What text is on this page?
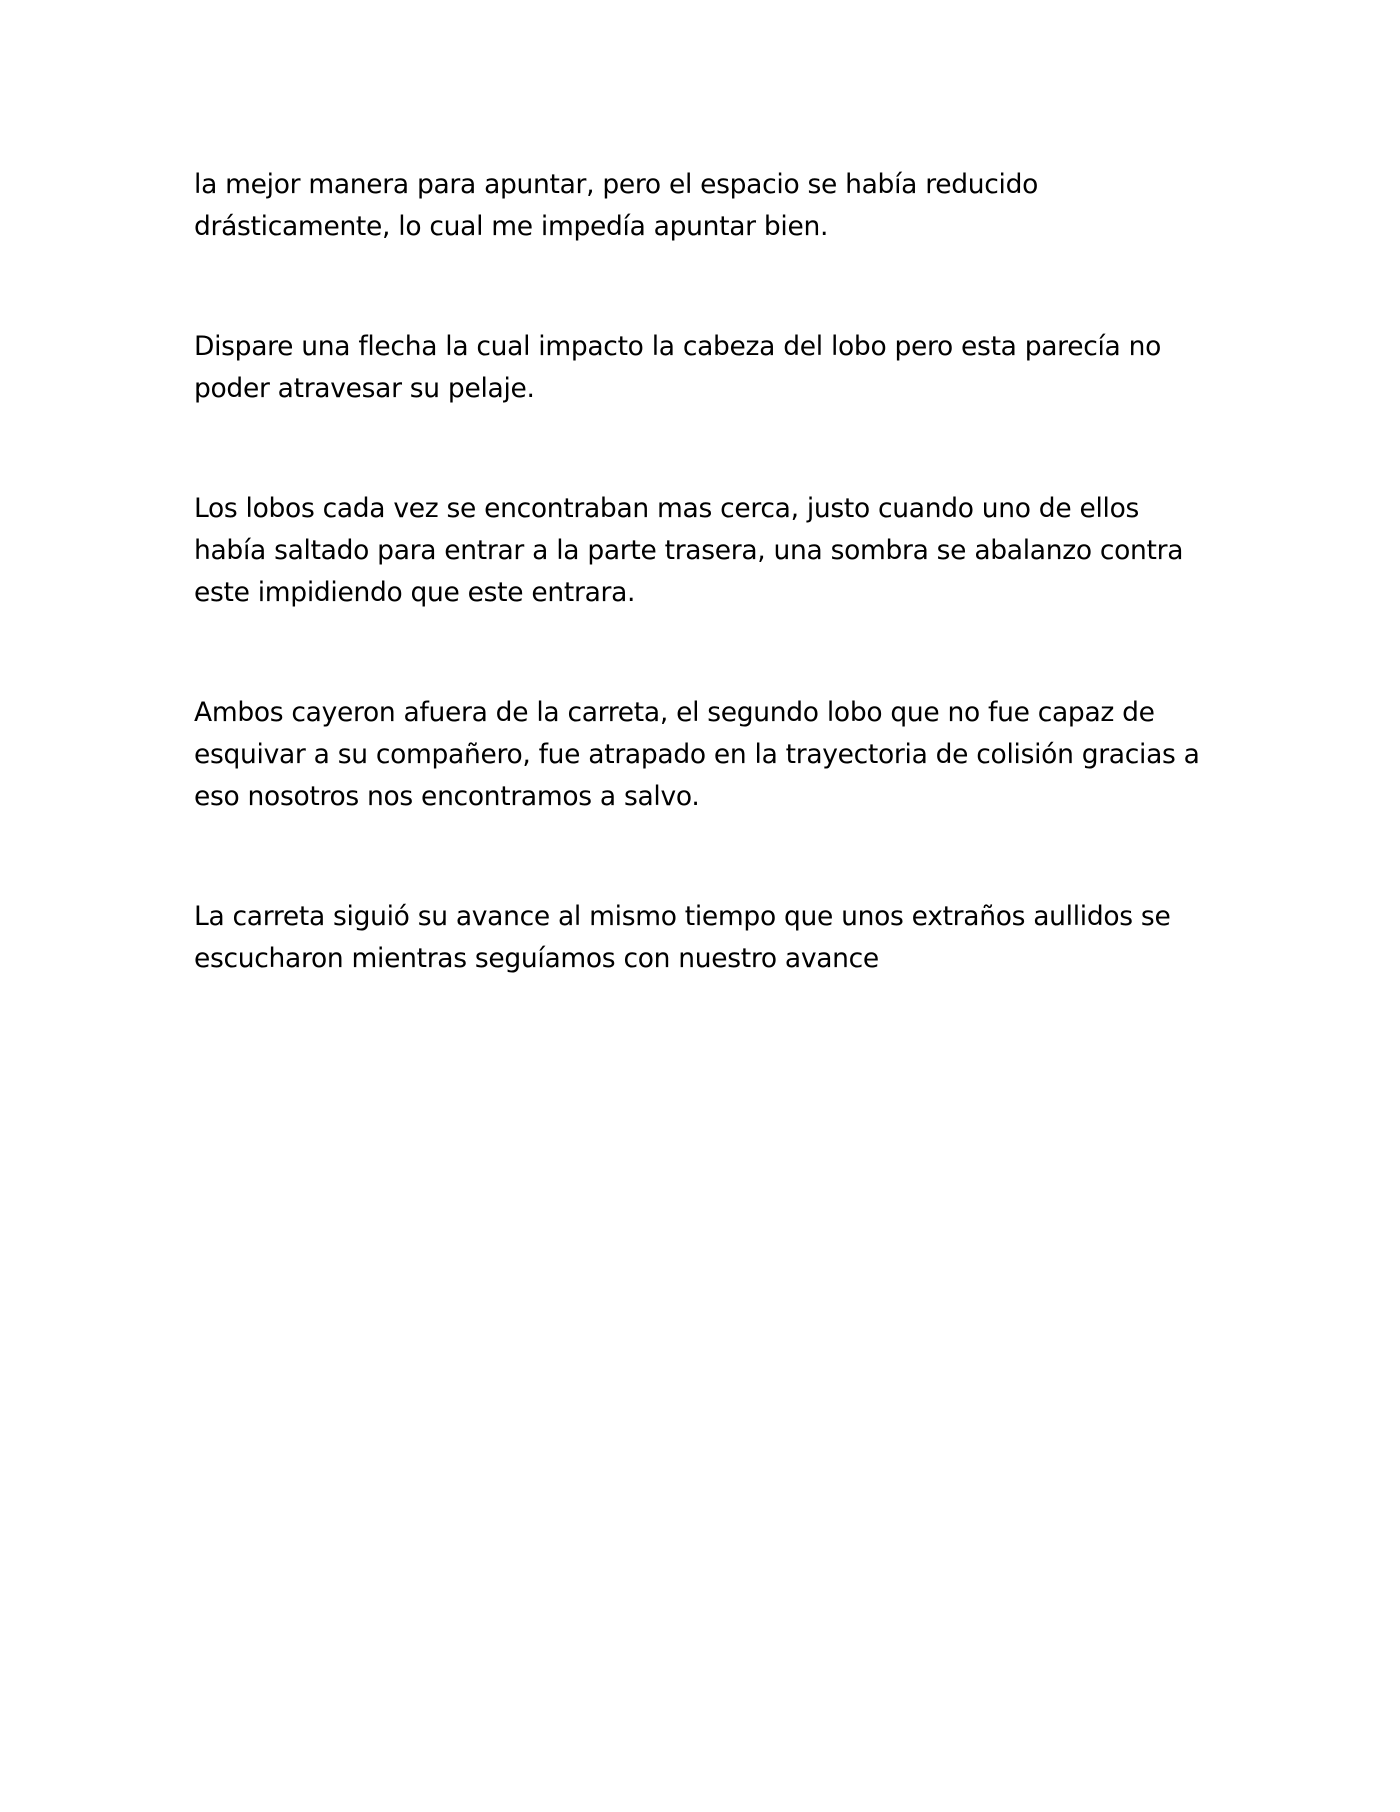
la mejor manera para apuntar, pero el espacio se había reducido
drásticamente, lo cual me impedía apuntar bien.

Dispare una flecha la cual impacto la cabeza del lobo pero esta parecía no
poder atravesar su pelaje.

Los lobos cada vez se encontraban mas cerca, justo cuando uno de ellos
había saltado para entrar a la parte trasera, una sombra se abalanzo contra
este impidiendo que este entrara.

Ambos cayeron afuera de la carreta, el segundo lobo que no fue capaz de
esquivar a su compañero, fue atrapado en la trayectoria de colisión gracias a
eso nosotros nos encontramos a salvo.

La carreta siguió su avance al mismo tiempo que unos extraños aullidos se
escucharon mientras seguíamos con nuestro avance
